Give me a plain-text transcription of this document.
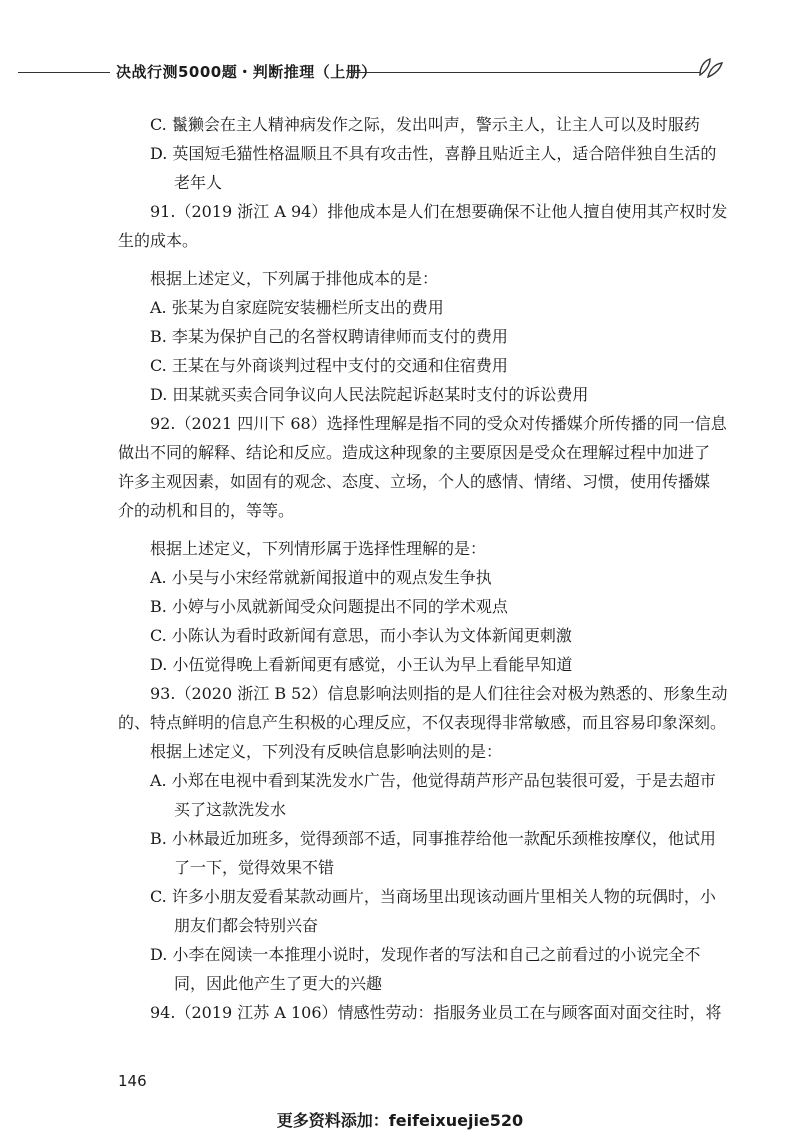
决战行测5000题・判断推理（上册）
C. 鬣獭会在主人精神病发作之际，发出叫声，警示主人，让主人可以及时服药
D. 英国短毛猫性格温顺且不具有攻击性，喜静且贴近主人，适合陪伴独自生活的
老年人
91.（2019 浙江 A 94）排他成本是人们在想要确保不让他人擅自使用其产权时发
生的成本。
根据上述定义，下列属于排他成本的是：
A. 张某为自家庭院安装栅栏所支出的费用
B. 李某为保护自己的名誉权聘请律师而支付的费用
C. 王某在与外商谈判过程中支付的交通和住宿费用
D. 田某就买卖合同争议向人民法院起诉赵某时支付的诉讼费用
92.（2021 四川下 68）选择性理解是指不同的受众对传播媒介所传播的同一信息
做出不同的解释、结论和反应。造成这种现象的主要原因是受众在理解过程中加进了
许多主观因素，如固有的观念、态度、立场，个人的感情、情绪、习惯，使用传播媒
介的动机和目的，等等。
根据上述定义，下列情形属于选择性理解的是：
A. 小吴与小宋经常就新闻报道中的观点发生争执
B. 小婷与小凤就新闻受众问题提出不同的学术观点
C. 小陈认为看时政新闻有意思，而小李认为文体新闻更刺激
D. 小伍觉得晚上看新闻更有感觉，小王认为早上看能早知道
93.（2020 浙江 B 52）信息影响法则指的是人们往往会对极为熟悉的、形象生动
的、特点鲜明的信息产生积极的心理反应，不仅表现得非常敏感，而且容易印象深刻。
根据上述定义，下列没有反映信息影响法则的是：
A. 小郑在电视中看到某洗发水广告，他觉得葫芦形产品包装很可爱，于是去超市
买了这款洗发水
B. 小林最近加班多，觉得颈部不适，同事推荐给他一款配乐颈椎按摩仪，他试用
了一下，觉得效果不错
C. 许多小朋友爱看某款动画片，当商场里出现该动画片里相关人物的玩偶时，小
朋友们都会特别兴奋
D. 小李在阅读一本推理小说时，发现作者的写法和自己之前看过的小说完全不
同，因此他产生了更大的兴趣
94.（2019 江苏 A 106）情感性劳动：指服务业员工在与顾客面对面交往时，将
146
更多资料添加：feifeixuejie520
